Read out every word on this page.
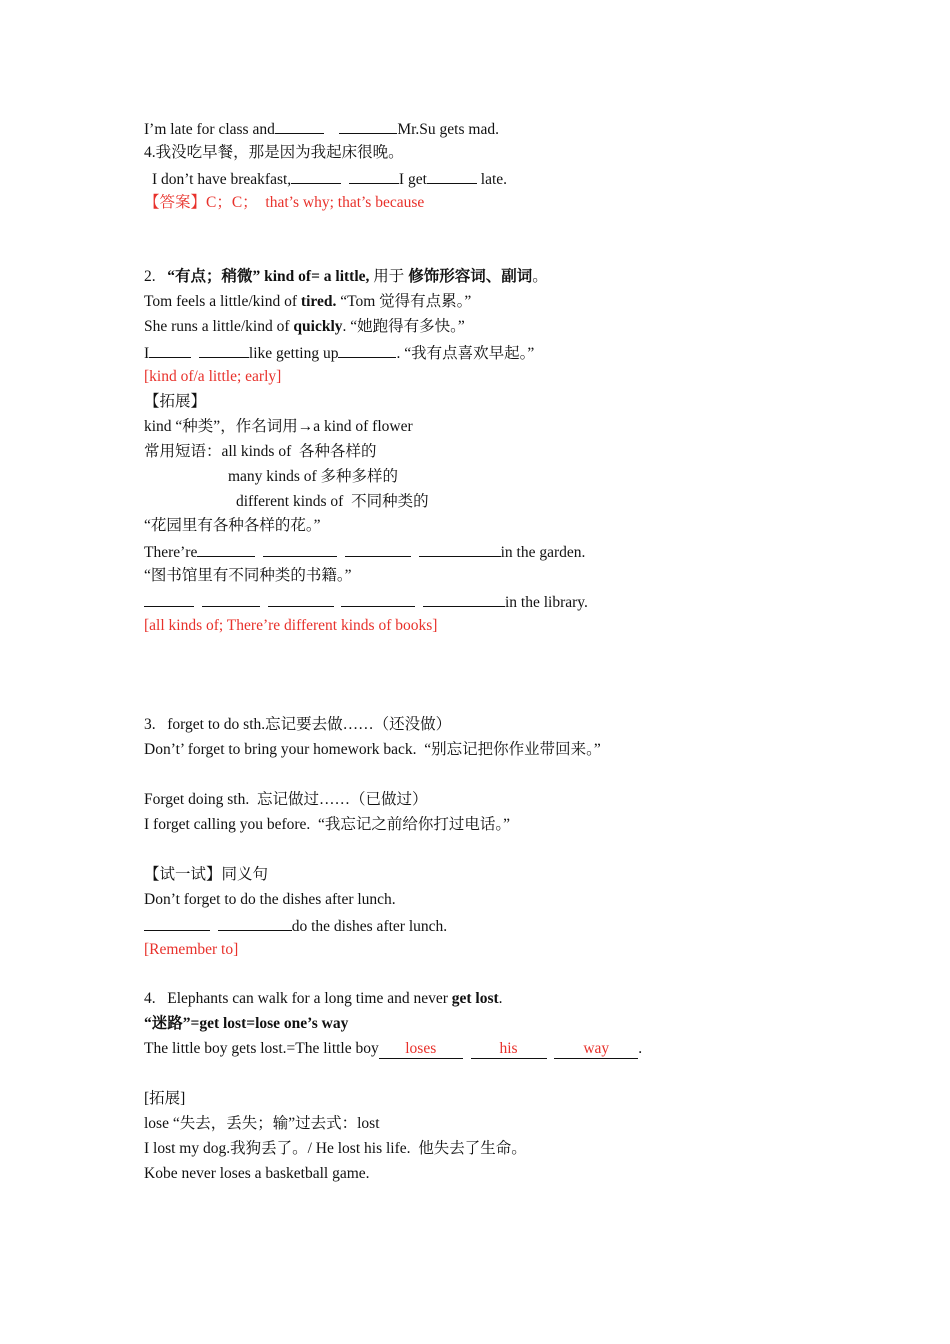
I’m late for class and	Mr.Su gets mad.
4.我没吃早餐，那是因为我起床很晚。
I don’t have breakfast,	I get	late.
【答案】C；C；  that’s why; that’s because
2.   “有点；稍微” kind of= a little, 用于 修饰形容词、副词。
Tom feels a little/kind of tired. “Tom 觉得有点累。”
She runs a little/kind of quickly. “她跑得有多快。”
I	like getting up	. “我有点喜欢早起。”
[kind of/a little; early]
【拓展】
kind “种类”，作名词用→a kind of flower
常用短语：all kinds of  各种各样的
many kinds of 多种多样的
different kinds of  不同种类的
“花园里有各种各样的花。”
There’re	in the garden.
“图书馆里有不同种类的书籍。”
in the library.
[all kinds of; There’re different kinds of books]
3.   forget to do sth.忘记要去做……（还没做）
Don’t’ forget to bring your homework back.  “别忘记把你作业带回来。”
Forget doing sth.  忘记做过……（已做过）
I forget calling you before.  “我忘记之前给你打过电话。”
【试一试】同义句
Don’t forget to do the dishes after lunch.
do the dishes after lunch.
[Remember to]
4.   Elephants can walk for a long time and never get lost.
“迷路”=get lost=lose one’s way
The little boy gets lost.=The little boy loses	his	way .
[拓展]
lose “失去，丢失；输”过去式：lost
I lost my dog.我狗丢了。/ He lost his life.  他失去了生命。
Kobe never loses a basketball game.
